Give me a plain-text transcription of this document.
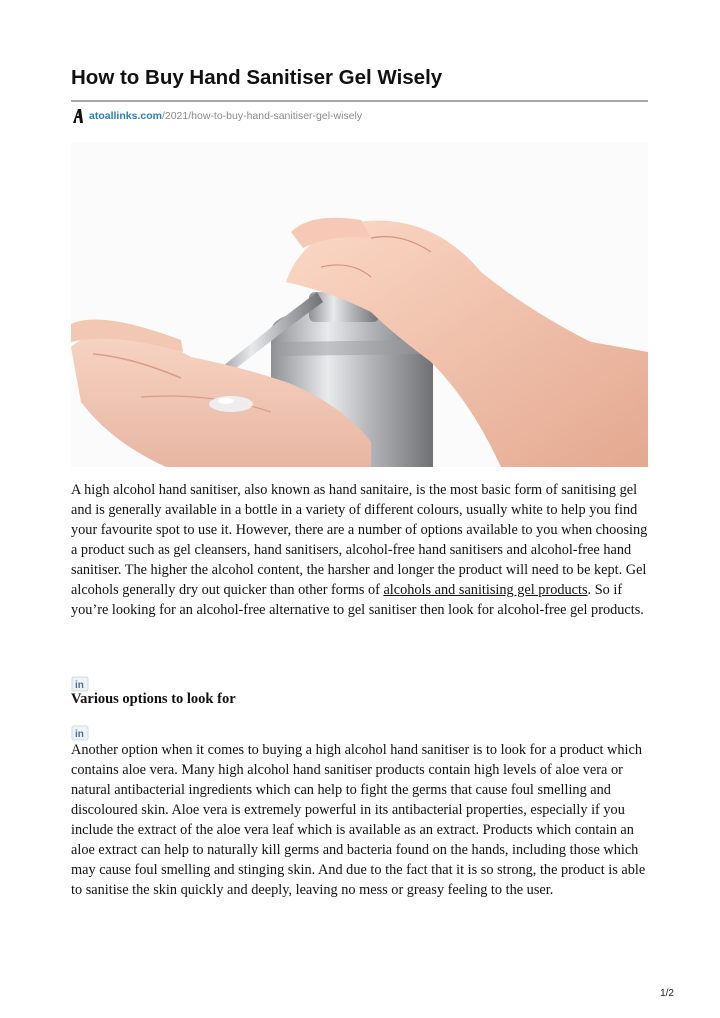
How to Buy Hand Sanitiser Gel Wisely
atoallinks.com /2021/how-to-buy-hand-sanitiser-gel-wisely

A high alcohol hand sanitiser, also known as hand sanitaire, is the most basic form of sanitising gel and is generally available in a bottle in a variety of different colours, usually white to help you find your favourite spot to use it. However, there are a number of options available to you when choosing a product such as gel cleansers, hand sanitisers, alcohol-free hand sanitisers and alcohol-free hand sanitiser. The higher the alcohol content, the harsher and longer the product will need to be kept. Gel alcohols generally dry out quicker than other forms of alcohols and sanitising gel products. So if you’re looking for an alcohol-free alternative to gel sanitiser then look for alcohol-free gel products.

in
Various options to look for
in

Another option when it comes to buying a high alcohol hand sanitiser is to look for a product which contains aloe vera. Many high alcohol hand sanitiser products contain high levels of aloe vera or natural antibacterial ingredients which can help to fight the germs that cause foul smelling and discoloured skin. Aloe vera is extremely powerful in its antibacterial properties, especially if you include the extract of the aloe vera leaf which is available as an extract. Products which contain an aloe extract can help to naturally kill germs and bacteria found on the hands, including those which may cause foul smelling and stinging skin. And due to the fact that it is so strong, the product is able to sanitise the skin quickly and deeply, leaving no mess or greasy feeling to the user.

1/2
